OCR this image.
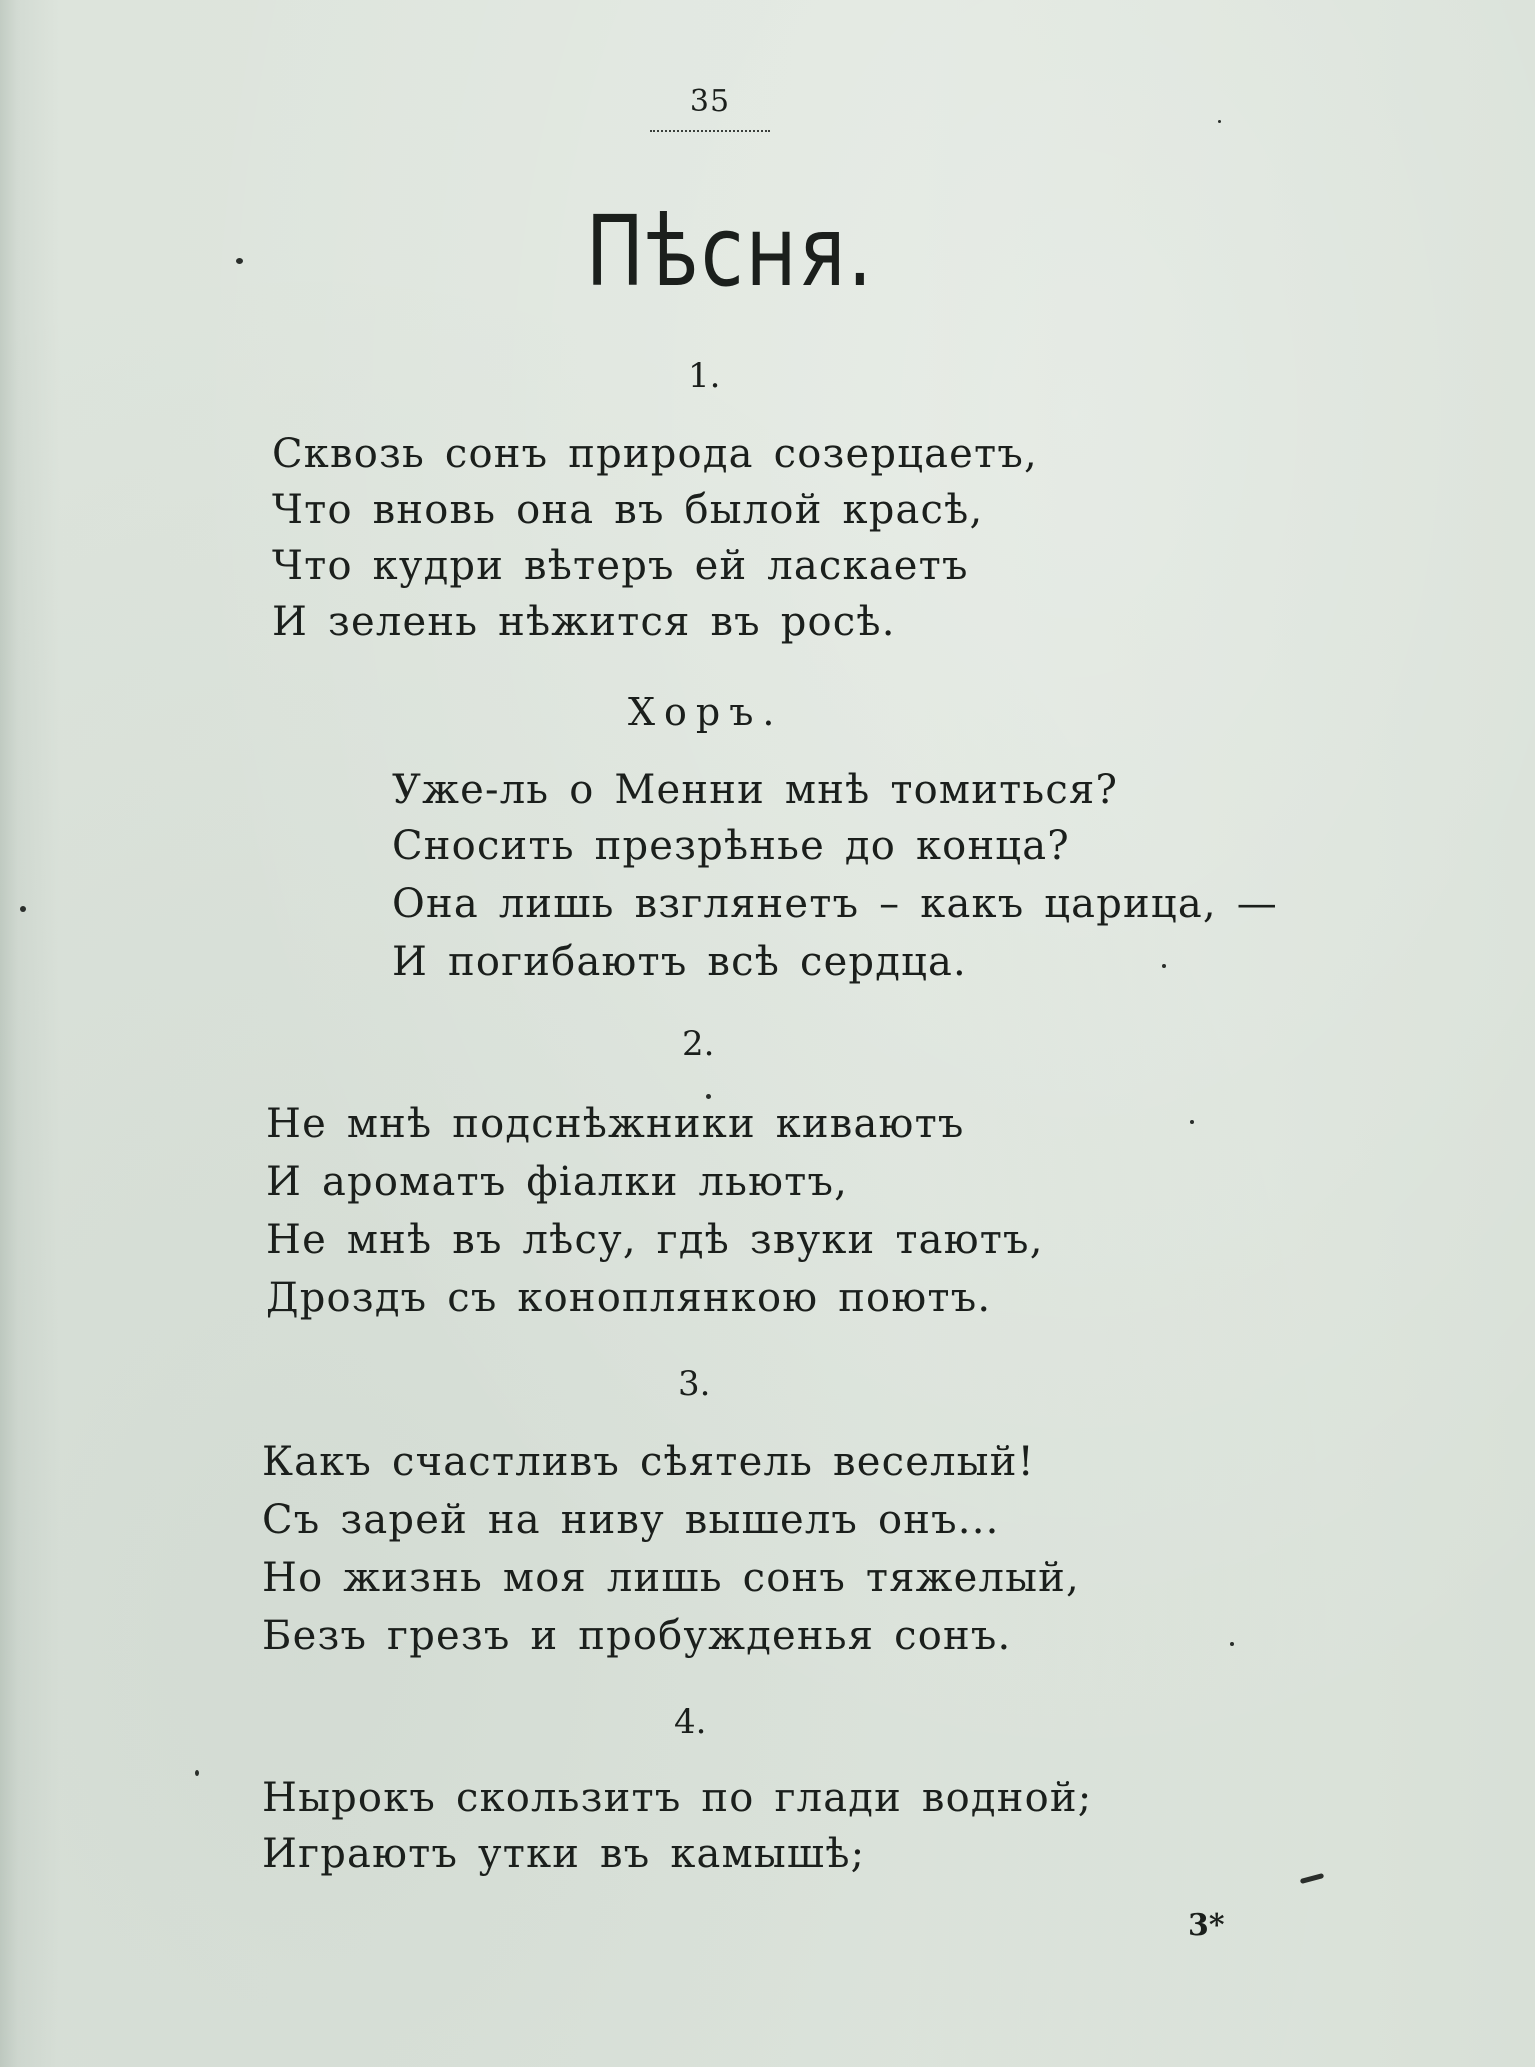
35
Пѣсня.
1.
Сквозь сонъ природа созерцаетъ,
Что вновь она въ былой красѣ,
Что кудри вѣтеръ ей ласкаетъ
И зелень нѣжится въ росѣ.
Хоръ.
Уже-ль о Менни мнѣ томиться?
Сносить презрѣнье до конца?
Она лишь взглянетъ – какъ царица, —
И погибаютъ всѣ сердца.
2.
Не мнѣ подснѣжники киваютъ
И ароматъ фіалки льютъ,
Не мнѣ въ лѣсу, гдѣ звуки таютъ,
Дроздъ съ коноплянкою поютъ.
3.
Какъ счастливъ сѣятель веселый!
Съ зарей на ниву вышелъ онъ...
Но жизнь моя лишь сонъ тяжелый,
Безъ грезъ и пробужденья сонъ.
4.
Нырокъ скользитъ по глади водной;
Играютъ утки въ камышѣ;
3*
